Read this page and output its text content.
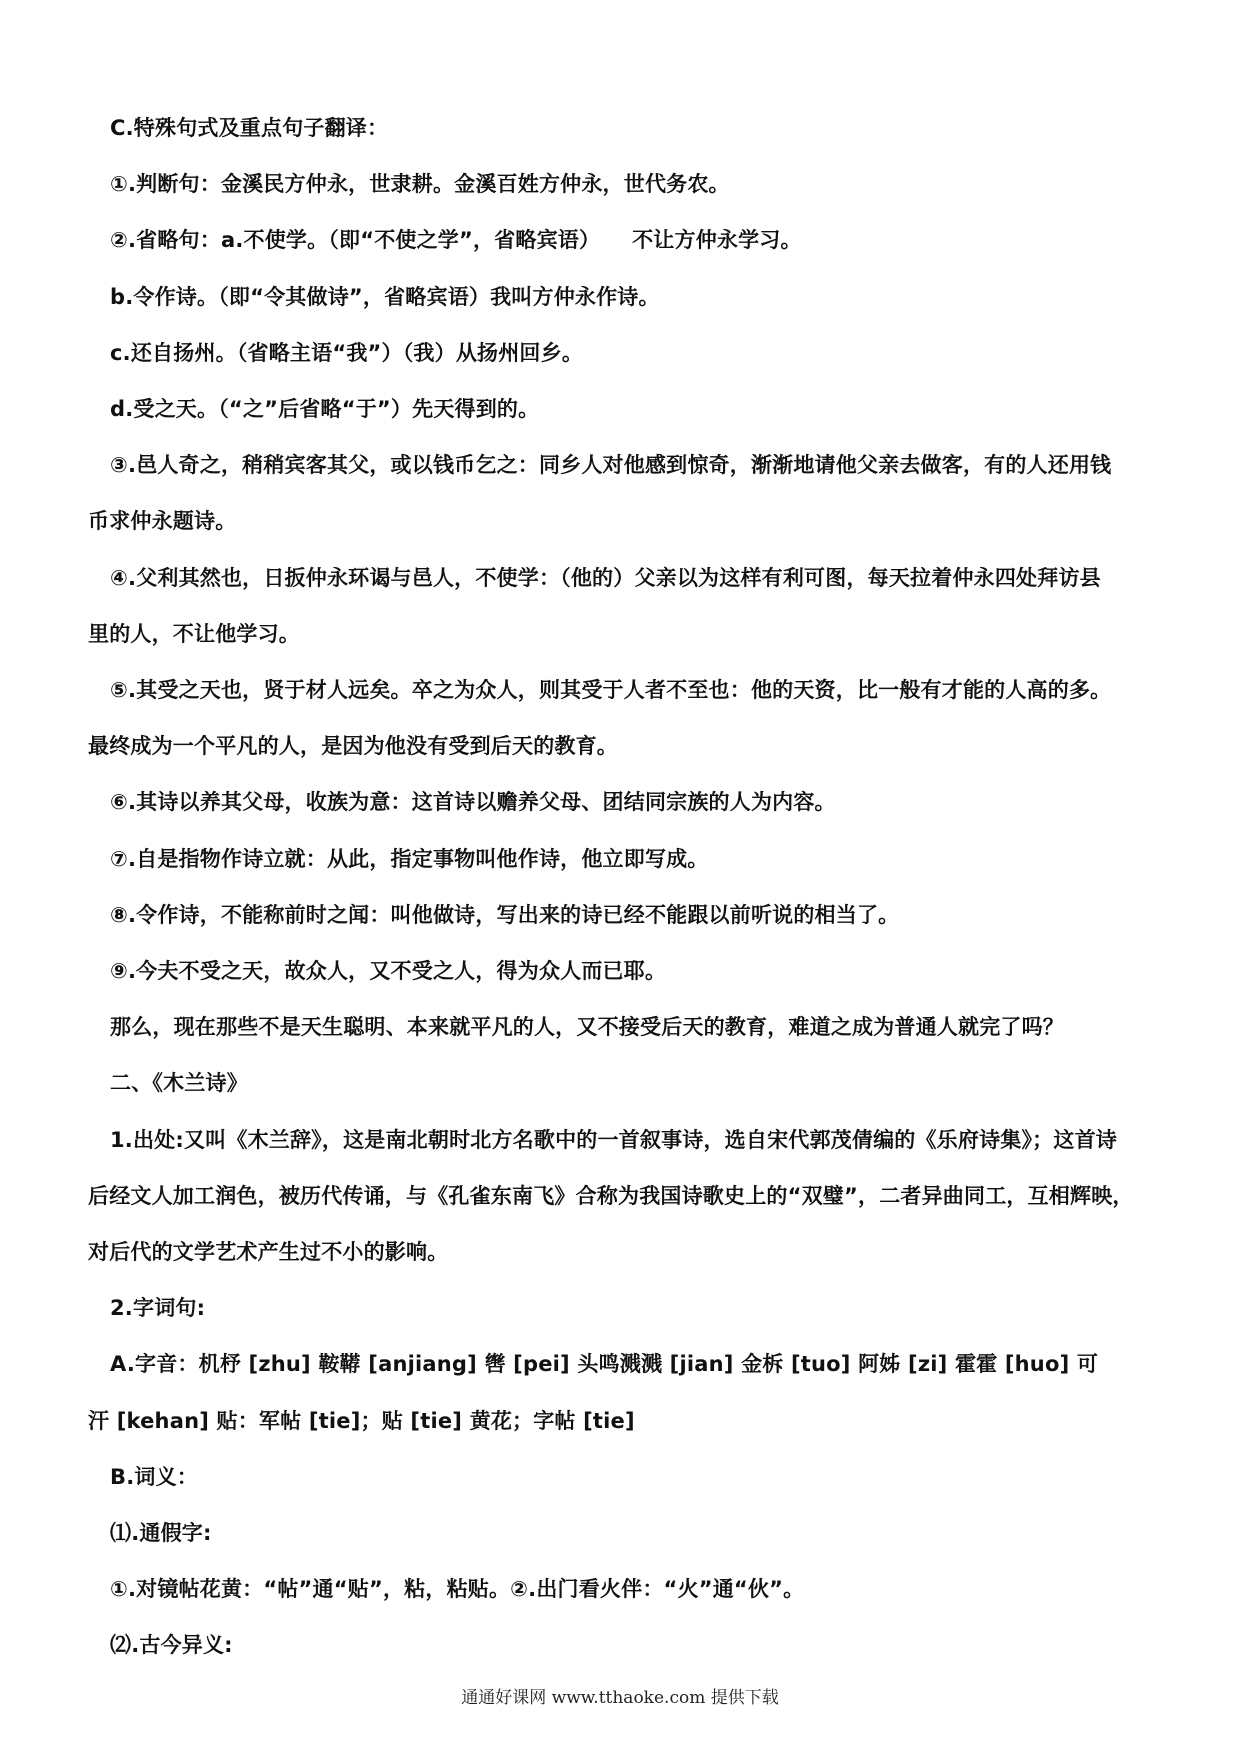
C.特殊句式及重点句子翻译：
①.判断句：金溪民方仲永，世隶耕。金溪百姓方仲永，世代务农。
②.省略句：a.不使学。（即“不使之学”，省略宾语）　　不让方仲永学习。
b.令作诗。（即“令其做诗”，省略宾语）我叫方仲永作诗。
c.还自扬州。（省略主语“我”）（我）从扬州回乡。
d.受之天。（“之”后省略“于”）先天得到的。
③.邑人奇之，稍稍宾客其父，或以钱币乞之：同乡人对他感到惊奇，渐渐地请他父亲去做客，有的人还用钱
币求仲永题诗。
④.父利其然也，日扳仲永环谒与邑人，不使学：（他的）父亲以为这样有利可图，每天拉着仲永四处拜访县
里的人，不让他学习。
⑤.其受之天也，贤于材人远矣。卒之为众人，则其受于人者不至也：他的天资，比一般有才能的人高的多。
最终成为一个平凡的人，是因为他没有受到后天的教育。
⑥.其诗以养其父母，收族为意：这首诗以赡养父母、团结同宗族的人为内容。
⑦.自是指物作诗立就：从此，指定事物叫他作诗，他立即写成。
⑧.令作诗，不能称前时之闻：叫他做诗，写出来的诗已经不能跟以前听说的相当了。
⑨.今夫不受之天，故众人，又不受之人，得为众人而已耶。
那么，现在那些不是天生聪明、本来就平凡的人，又不接受后天的教育，难道之成为普通人就完了吗？
二、《木兰诗》
1.出处:又叫《木兰辞》，这是南北朝时北方名歌中的一首叙事诗，选自宋代郭茂倩编的《乐府诗集》；这首诗
后经文人加工润色，被历代传诵，与《孔雀东南飞》合称为我国诗歌史上的“双璧”，二者异曲同工，互相辉映，
对后代的文学艺术产生过不小的影响。
2.字词句:
A.字音：机杼 [zhu] 鞍鞯 [anjiang] 辔 [pei] 头鸣溅溅 [jian] 金柝 [tuo] 阿姊 [zi] 霍霍 [huo] 可
汗 [kehan] 贴：军帖 [tie]；贴 [tie] 黄花；字帖 [tie]
B.词义：
⑴.通假字:
①.对镜帖花黄：“帖”通“贴”，粘，粘贴。②.出门看火伴：“火”通“伙”。
⑵.古今异义:
通通好课网 www.tthaoke.com 提供下载
